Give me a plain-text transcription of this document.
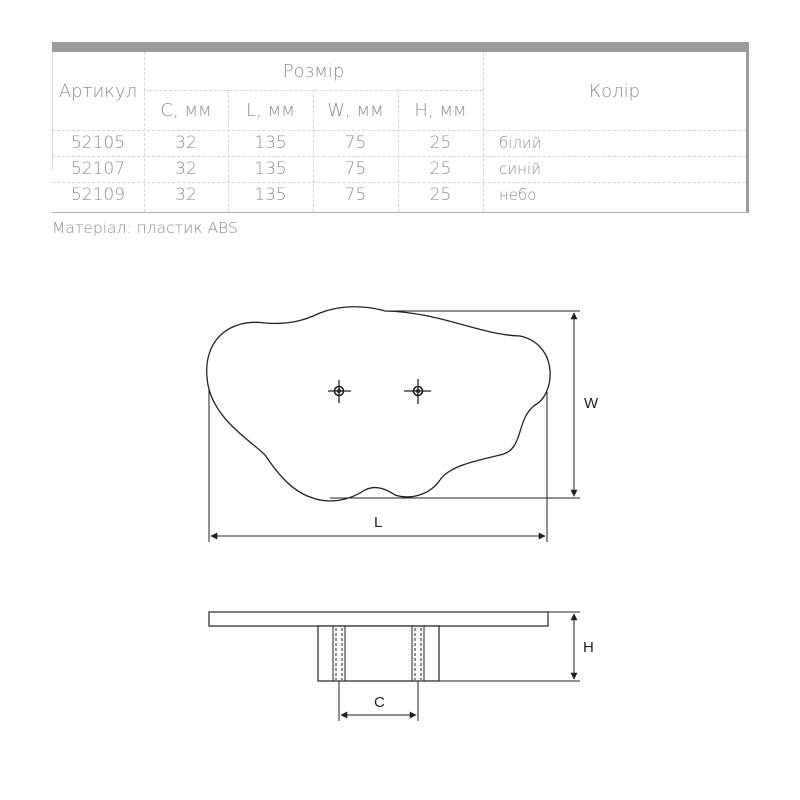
Артикул
Розмір
Колір
C, мм	L, мм	W, мм	H, мм
52105	32	135	75	25	білий
52107	32	135	75	25	синій
52109	32	135	75	25	небо
Матеріал: пластик ABS
W
L
H
C
